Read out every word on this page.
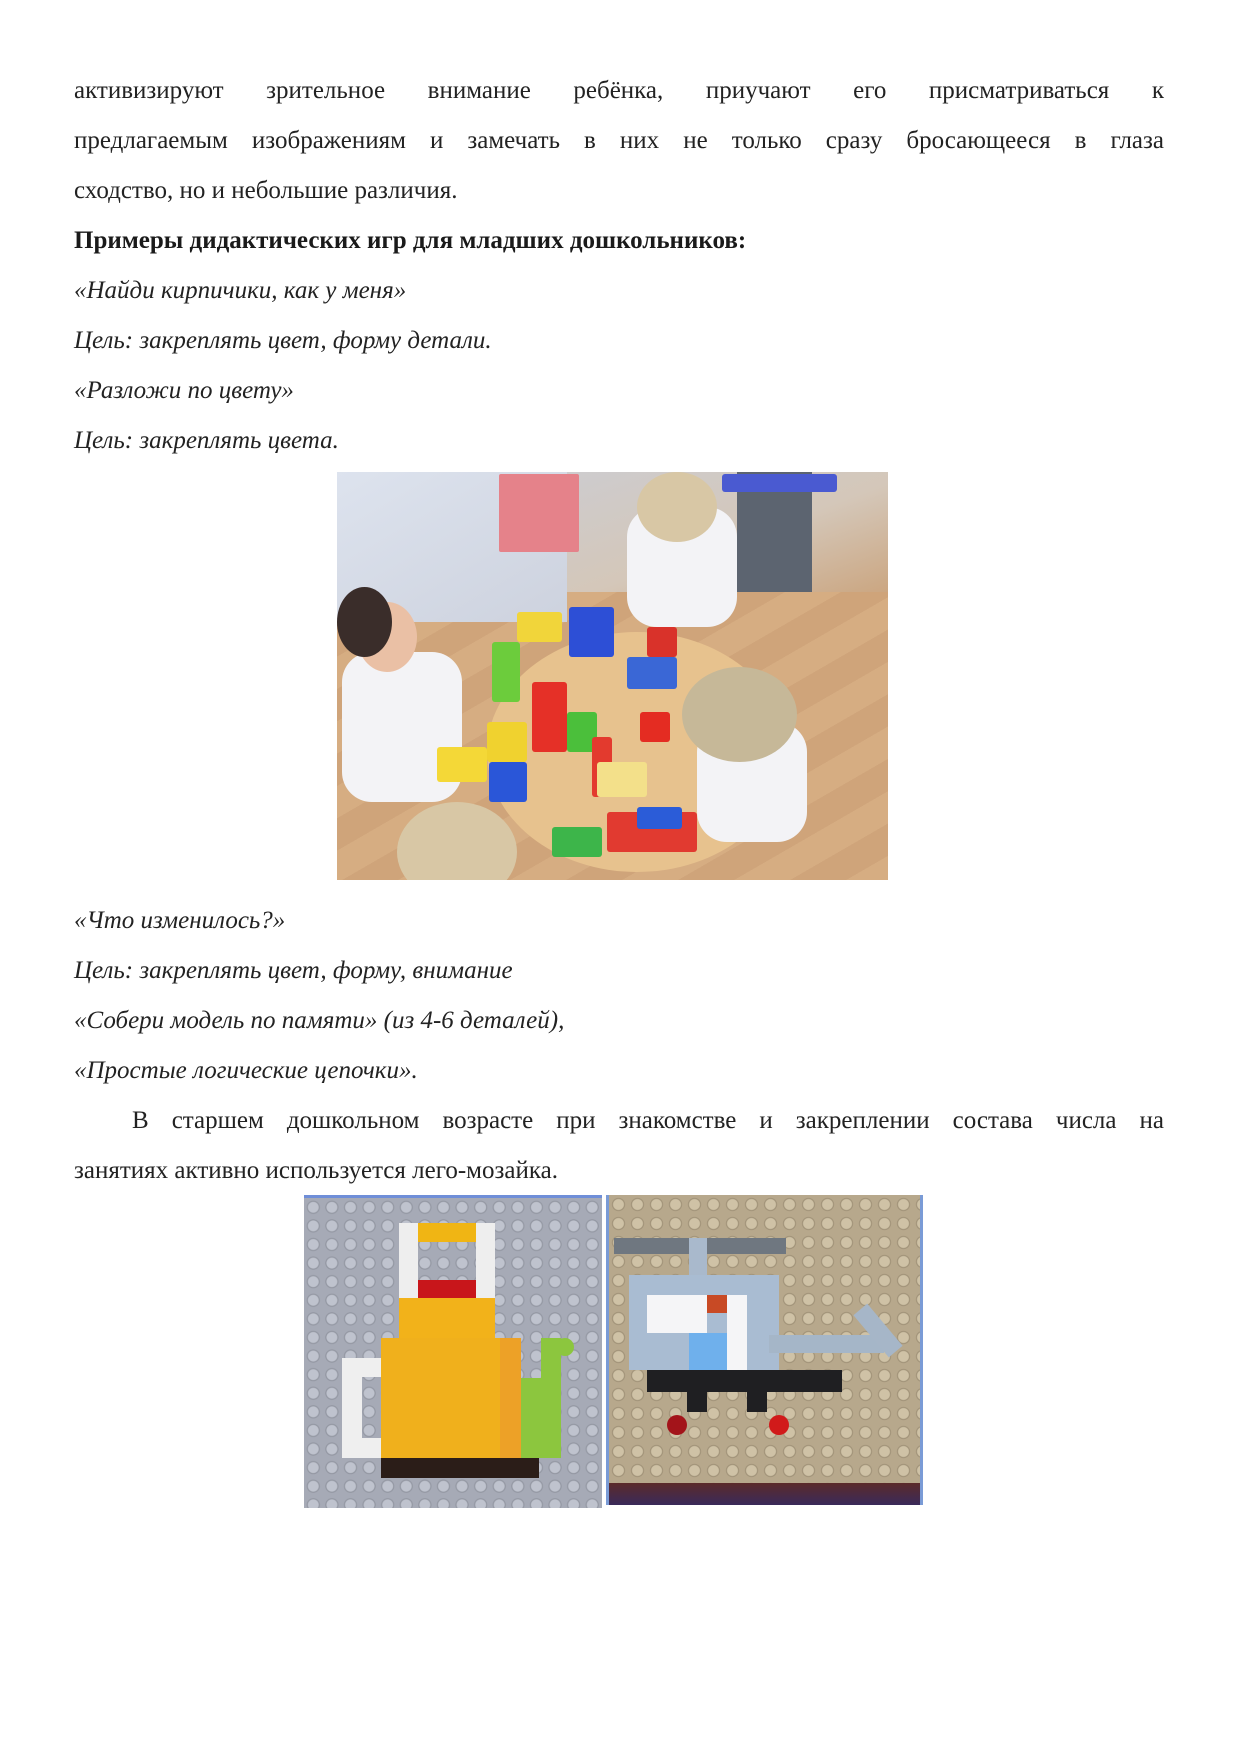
активизируют зрительное внимание ребёнка, приучают его присматриваться к
предлагаемым изображениям и замечать в них не только сразу бросающееся в глаза
сходство, но и небольшие различия.
Примеры дидактических игр для младших дошкольников:
«Найди кирпичики, как у меня»
Цель: закреплять цвет, форму детали.
«Разложи по цвету»
Цель: закреплять цвета.
«Что изменилось?»
Цель: закреплять цвет, форму, внимание
«Собери модель по памяти» (из 4-6 деталей),
«Простые логические цепочки».
В старшем дошкольном возрасте при знакомстве и закреплении состава числа на
занятиях активно используется лего-мозайка.
